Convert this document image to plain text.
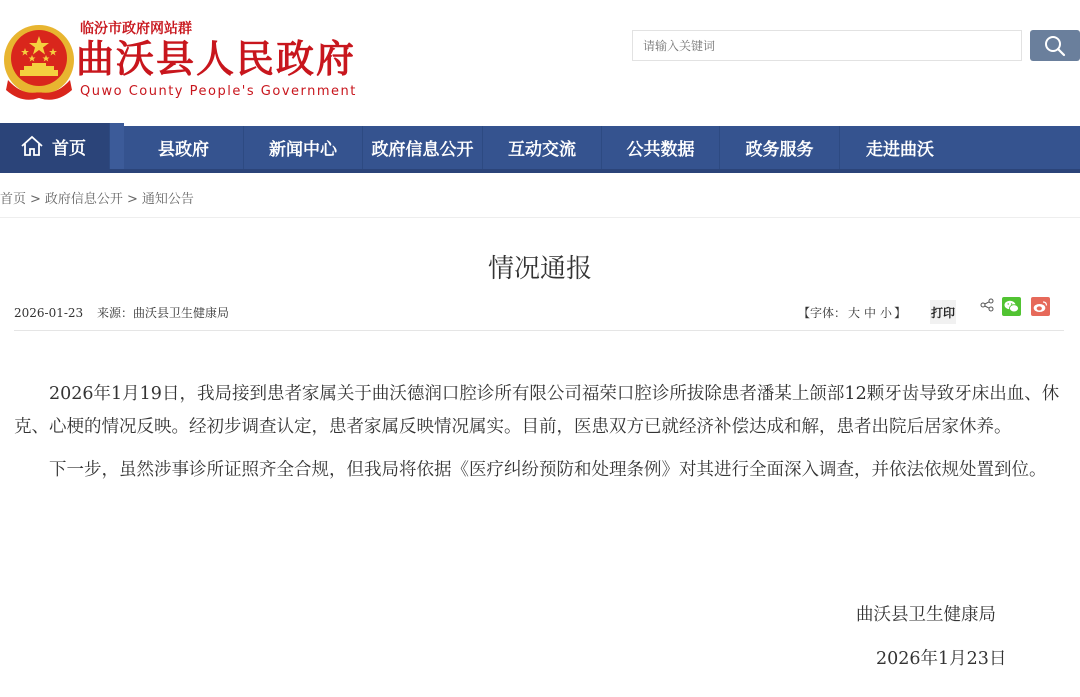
临汾市政府网站群
曲沃县人民政府
Quwo County People's Government
请输入关键词
首页	县政府	新闻中心 政府信息公开 互动交流	公共数据	政务服务	走进曲沃
首页 > 政府信息公开 > 通知公告
情况通报
2026-01-23 来源：曲沃县卫生健康局	【字体： 大 中 小 】 打印

2026年1月19日，我局接到患者家属关于曲沃德润口腔诊所有限公司福荣口腔诊所拔除患者潘某上颌部12颗牙齿导致牙床出血、休克、心梗的情况反映。经初步调查认定，患者家属反映情况属实。目前，医患双方已就经济补偿达成和解，患者出院后居家休养。

下一步，虽然涉事诊所证照齐全合规，但我局将依据《医疗纠纷预防和处理条例》对其进行全面深入调查，并依法依规处置到位。

曲沃县卫生健康局
2026年1月23日
